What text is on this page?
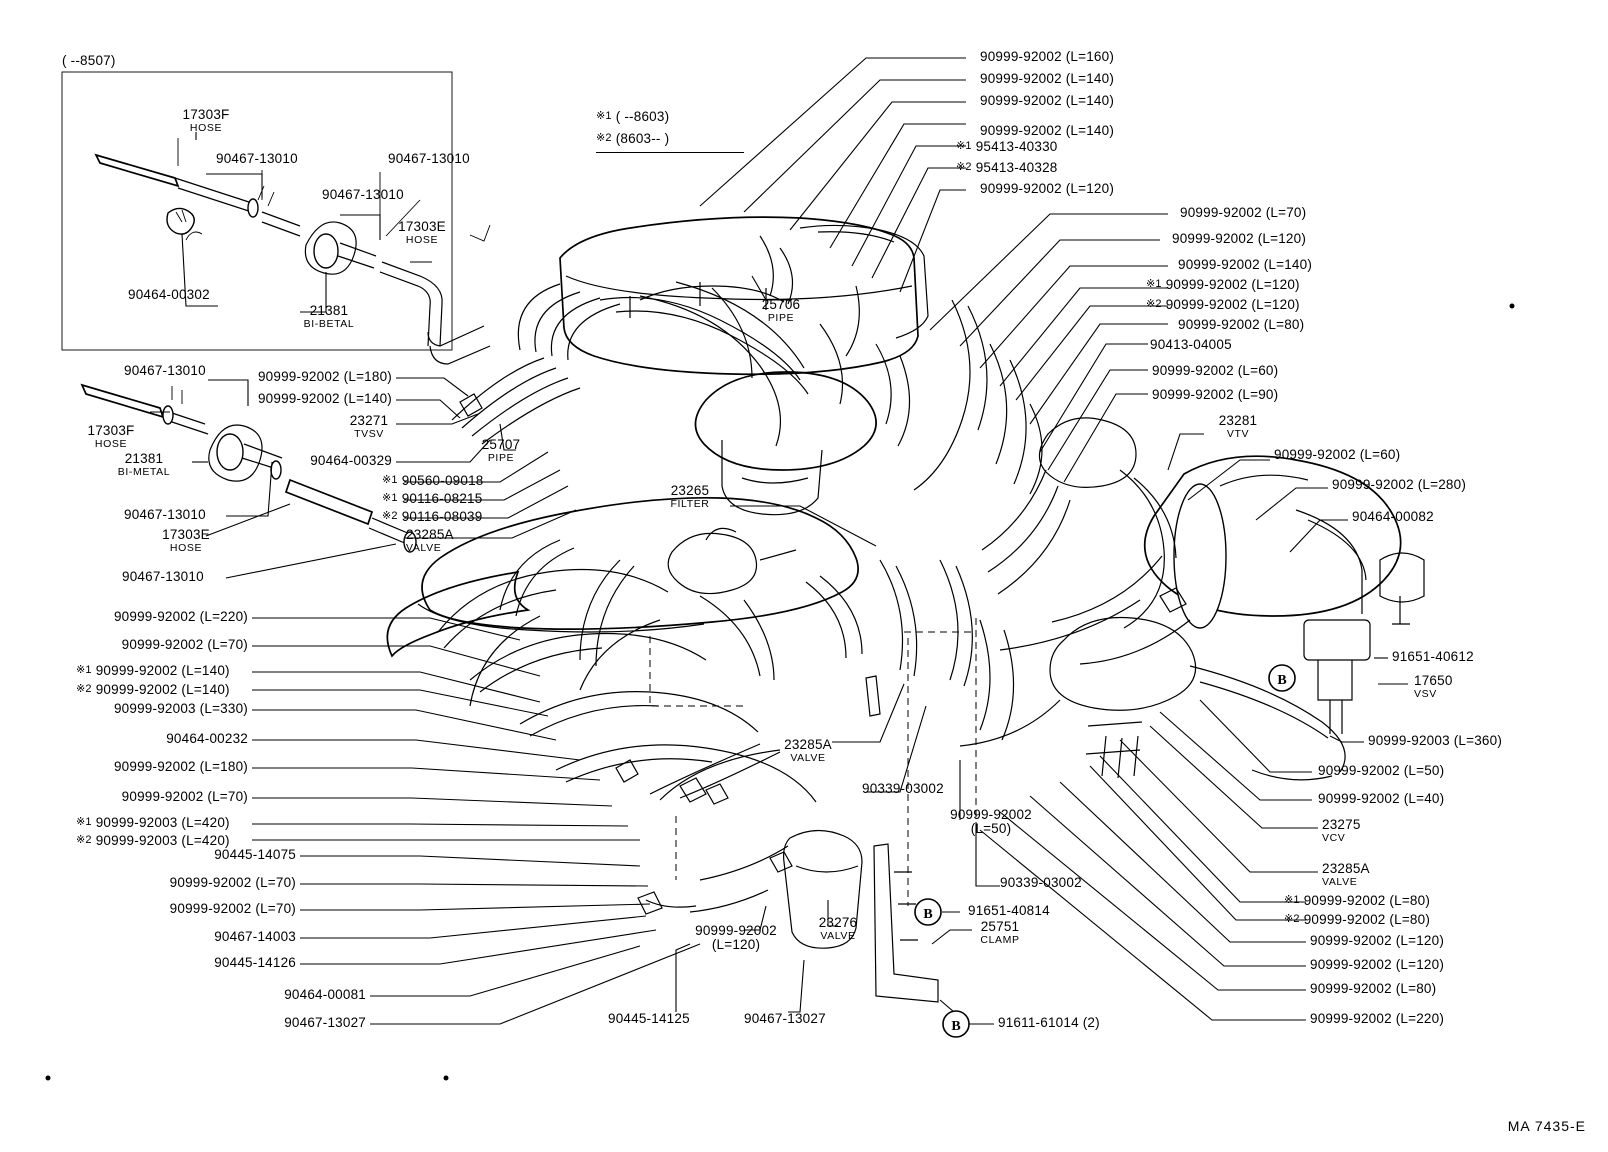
B
B
B
( --8507)
17303F
HOSE
90467-13010	90467-13010
90467-13010
17303E
HOSE
90464-00302
21381
BI-BETAL
$^{※1}$ ( --8603)
$^{※2}$ (8603-- )
90999-92002 (L=160)
90999-92002 (L=140)
90999-92002 (L=140)
90999-92002 (L=140)
$^{※1}$ 95413-40330
$^{※2}$ 95413-40328
90999-92002 (L=120)
90999-92002 (L=70)
90999-92002 (L=120)
90999-92002 (L=140)
$^{※1}$ 90999-92002 (L=120)
$^{※2}$ 90999-92002 (L=120)
90999-92002 (L=80)
90413-04005
90999-92002 (L=60)
90999-92002 (L=90)
23281
VTV
90999-92002 (L=60)
90999-92002 (L=280)
90464-00082
91651-40612
17650
VSV
90999-92003 (L=360)
90999-92002 (L=50)
90999-92002 (L=40)
23275
VCV
23285A
VALVE
$^{※1}$ 90999-92002 (L=80)
$^{※2}$ 90999-92002 (L=80)
90999-92002 (L=120)
90999-92002 (L=120)
90999-92002 (L=80)
90999-92002 (L=220)
90467-13010
17303F
HOSE
21381
BI-METAL
90467-13010
17303E
HOSE
90467-13010
90999-92002 (L=220)
90999-92002 (L=70)
$^{※1}$ 90999-92002 (L=140)
$^{※2}$ 90999-92002 (L=140)
90999-92003 (L=330)
90464-00232
90999-92002 (L=180)
90999-92002 (L=70)
$^{※1}$ 90999-92003 (L=420)
$^{※2}$ 90999-92003 (L=420)
90445-14075
90999-92002 (L=70)
90999-92002 (L=70)
90467-14003
90445-14126
90464-00081
90467-13027
90999-92002 (L=180)
90999-92002 (L=140)
23271
TVSV
90464-00329
$^{※1}$ 90560-09018
$^{※1}$ 90116-08215
$^{※2}$ 90116-08039
23285A
VALVE
25706
PIPE
25707
PIPE
23265
FILTER
23285A
VALVE
90339-03002
90999-92002
(L=50)
90339-03002
91651-40814
23276
VALVE
25751
CLAMP
90999-92002
(L=120)
90445-14125	90467-13027	91611-61014 (2)
MA 7435-E
